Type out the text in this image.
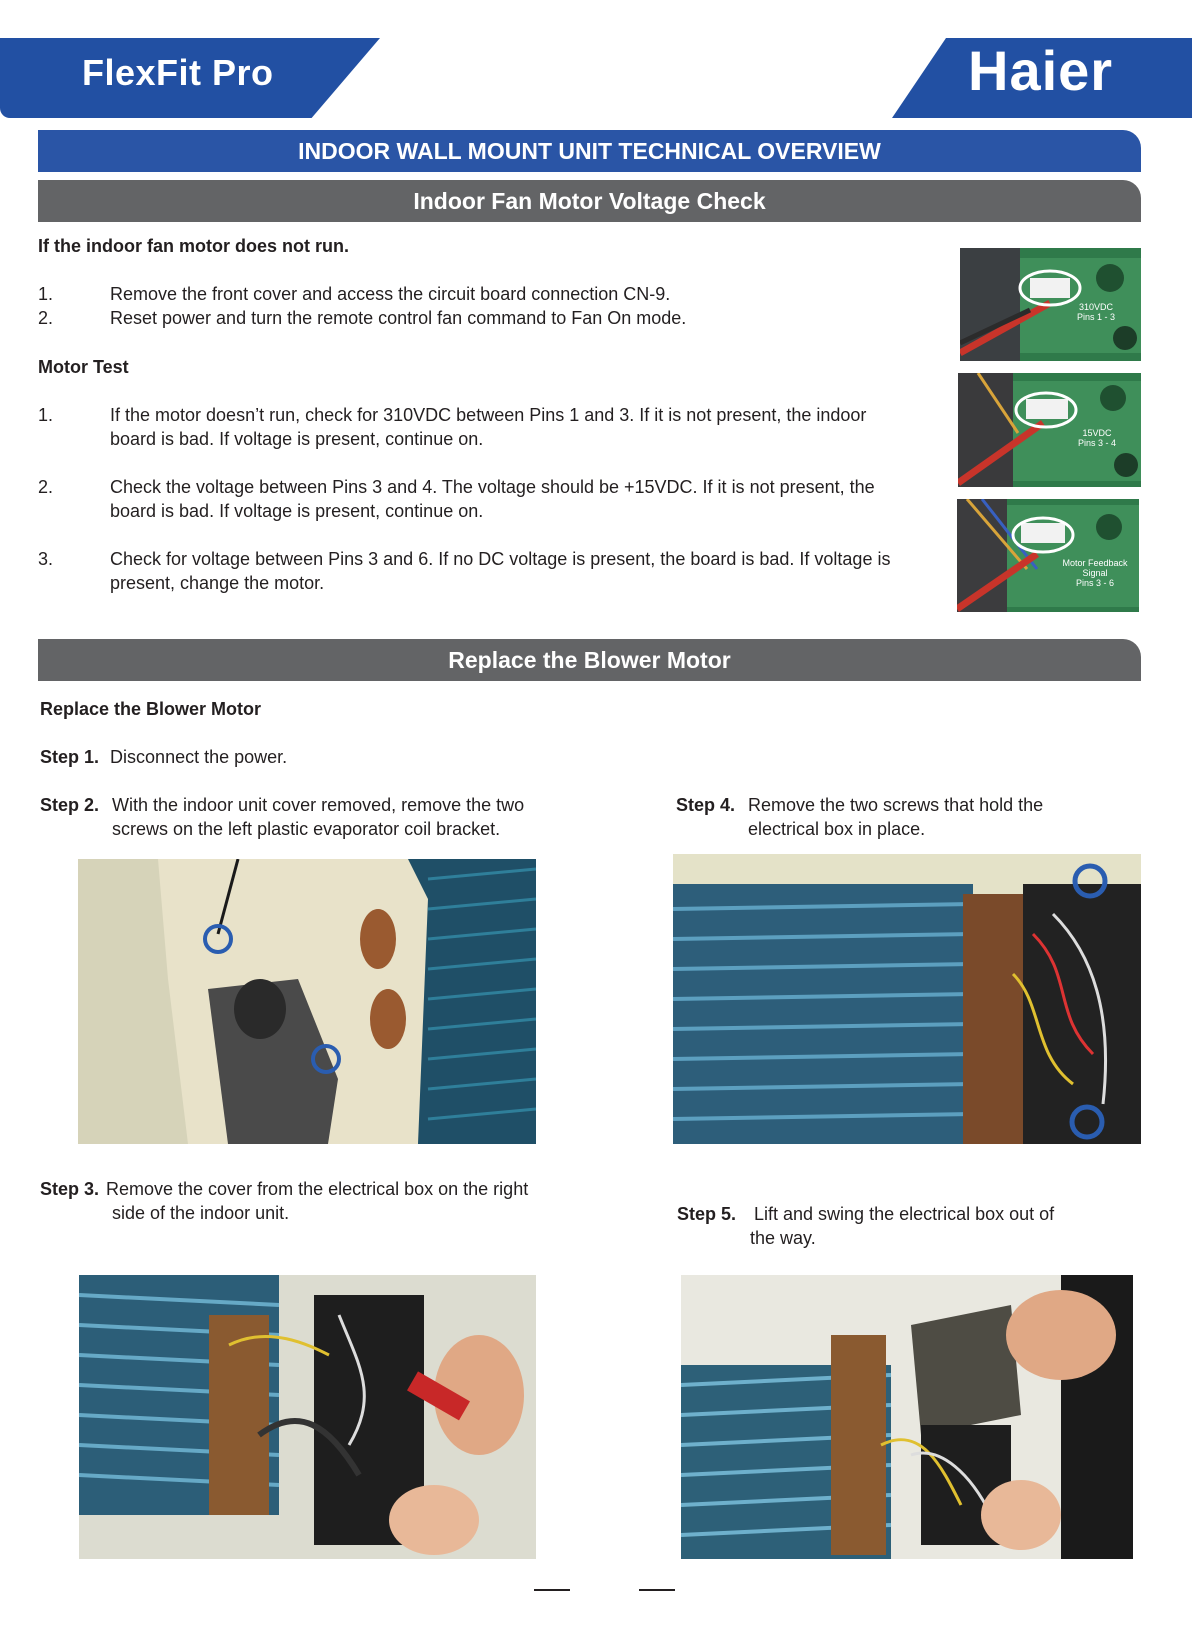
FlexFit Pro	Haier
INDOOR WALL MOUNT UNIT TECHNICAL OVERVIEW
Indoor Fan Motor Voltage Check
If the indoor fan motor does not run.
1.	Remove the front cover and access the circuit board connection CN-9.
2.	Reset power and turn the remote control fan command to Fan On mode.
Motor Test
1.	If the motor doesn’t run, check for 310VDC between Pins 1 and 3. If it is not present, the indoor
board is bad. If voltage is present, continue on.
2.	Check the voltage between Pins 3 and 4. The voltage should be +15VDC. If it is not present, the
board is bad. If voltage is present, continue on.
3.	Check for voltage between Pins 3 and 6. If no DC voltage is present, the board is bad. If voltage is
present, change the motor.
310VDC
Pins 1 - 3
15VDC
Pins 3 - 4
Motor Feedback
Signal
Pins 3 - 6
Replace the Blower Motor
Replace the Blower Motor
Step 1. Disconnect the power.
Step 2. With the indoor unit cover removed, remove the two
screws on the left plastic evaporator coil bracket.
Step 4. Remove the two screws that hold the
electrical box in place.
Step 3. Remove the cover from the electrical box on the right
side of the indoor unit.	Step 5. Lift and swing the electrical box out of
the way.
